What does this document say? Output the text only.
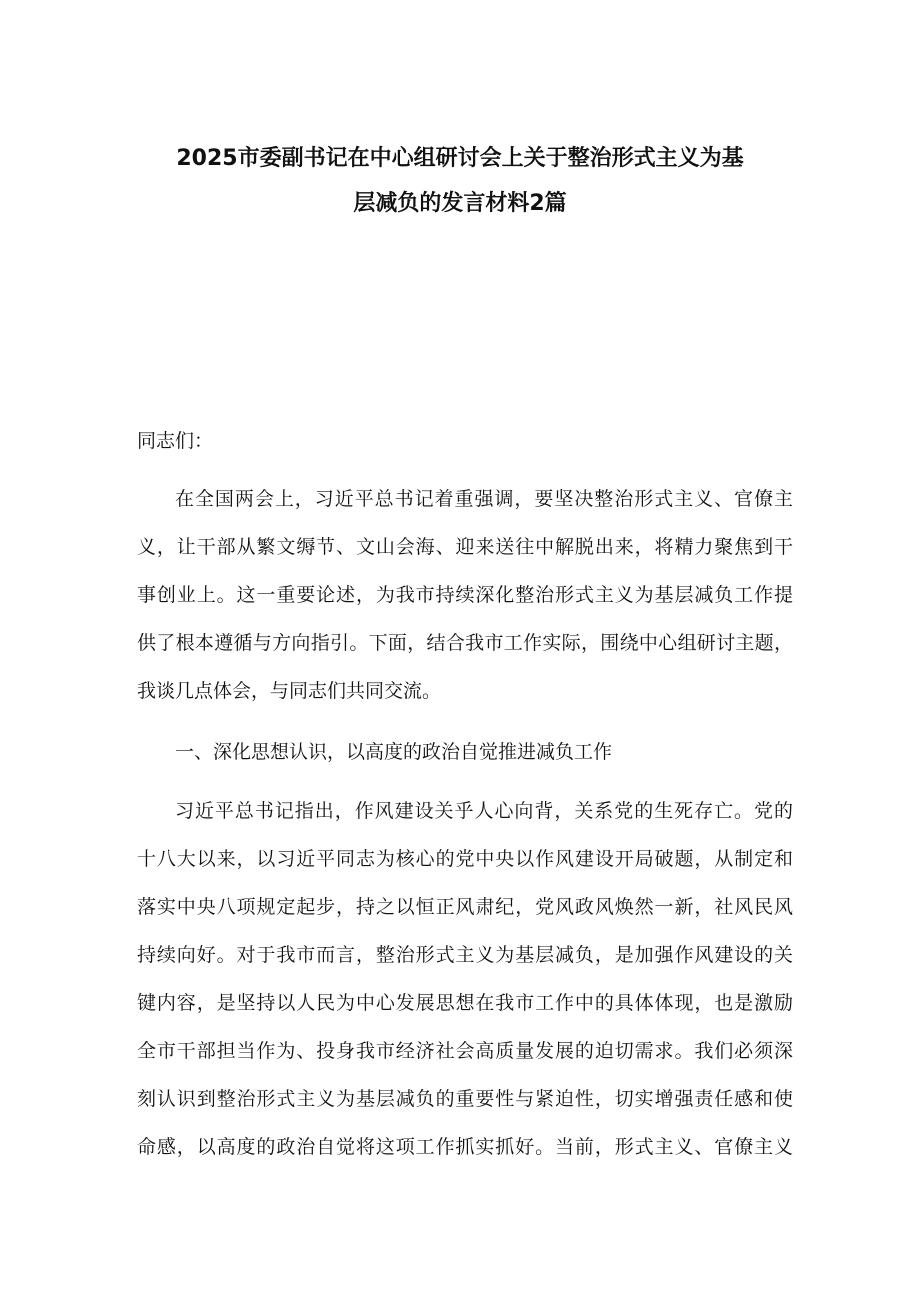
2025市委副书记在中心组研讨会上关于整治形式主义为基
层减负的发言材料2篇

同志们：

在全国两会上，习近平总书记着重强调，要坚决整治形式主义、官僚主

义，让干部从繁文缛节、文山会海、迎来送往中解脱出来，将精力聚焦到干

事创业上。这一重要论述，为我市持续深化整治形式主义为基层减负工作提

供了根本遵循与方向指引。下面，结合我市工作实际，围绕中心组研讨主题，

我谈几点体会，与同志们共同交流。

一、深化思想认识，以高度的政治自觉推进减负工作

习近平总书记指出，作风建设关乎人心向背，关系党的生死存亡。党的

十八大以来，以习近平同志为核心的党中央以作风建设开局破题，从制定和

落实中央八项规定起步，持之以恒正风肃纪，党风政风焕然一新，社风民风

持续向好。对于我市而言，整治形式主义为基层减负，是加强作风建设的关

键内容，是坚持以人民为中心发展思想在我市工作中的具体体现，也是激励

全市干部担当作为、投身我市经济社会高质量发展的迫切需求。我们必须深

刻认识到整治形式主义为基层减负的重要性与紧迫性，切实增强责任感和使

命感，以高度的政治自觉将这项工作抓实抓好。当前，形式主义、官僚主义
